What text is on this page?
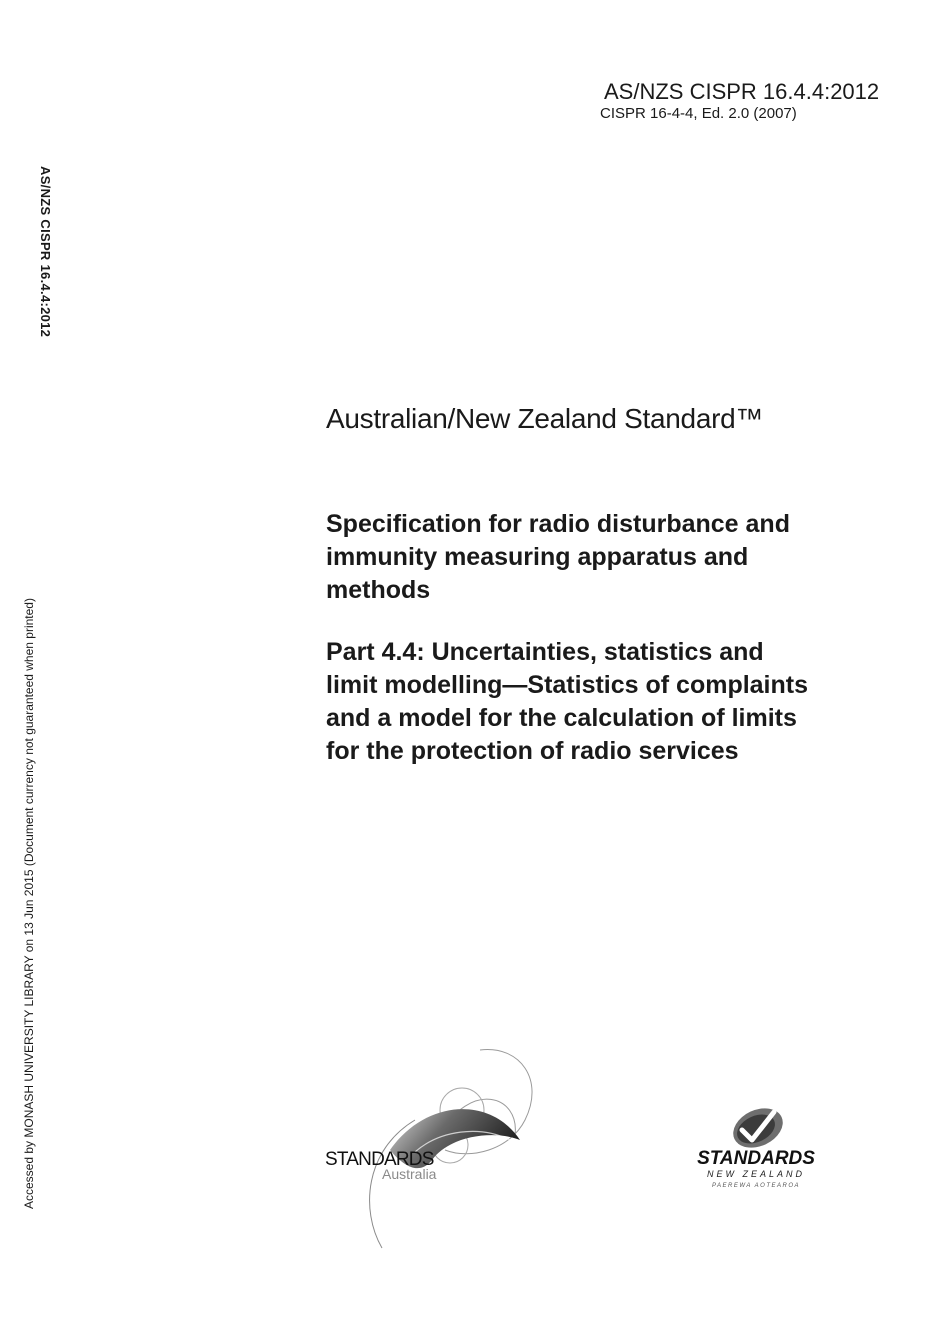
AS/NZS CISPR 16.4.4:2012
CISPR 16-4-4, Ed. 2.0 (2007)
AS/NZS CISPR 16.4.4:2012
Accessed by MONASH UNIVERSITY LIBRARY on 13 Jun 2015 (Document currency not guaranteed when printed)
Australian/New Zealand Standard™
Specification for radio disturbance and
immunity measuring apparatus and
methods
Part 4.4: Uncertainties, statistics and
limit modelling—Statistics of complaints
and a model for the calculation of limits
for the protection of radio services
STANDARDS
Australia
STANDARDS
NEW ZEALAND
PAEREWA AOTEAROA
